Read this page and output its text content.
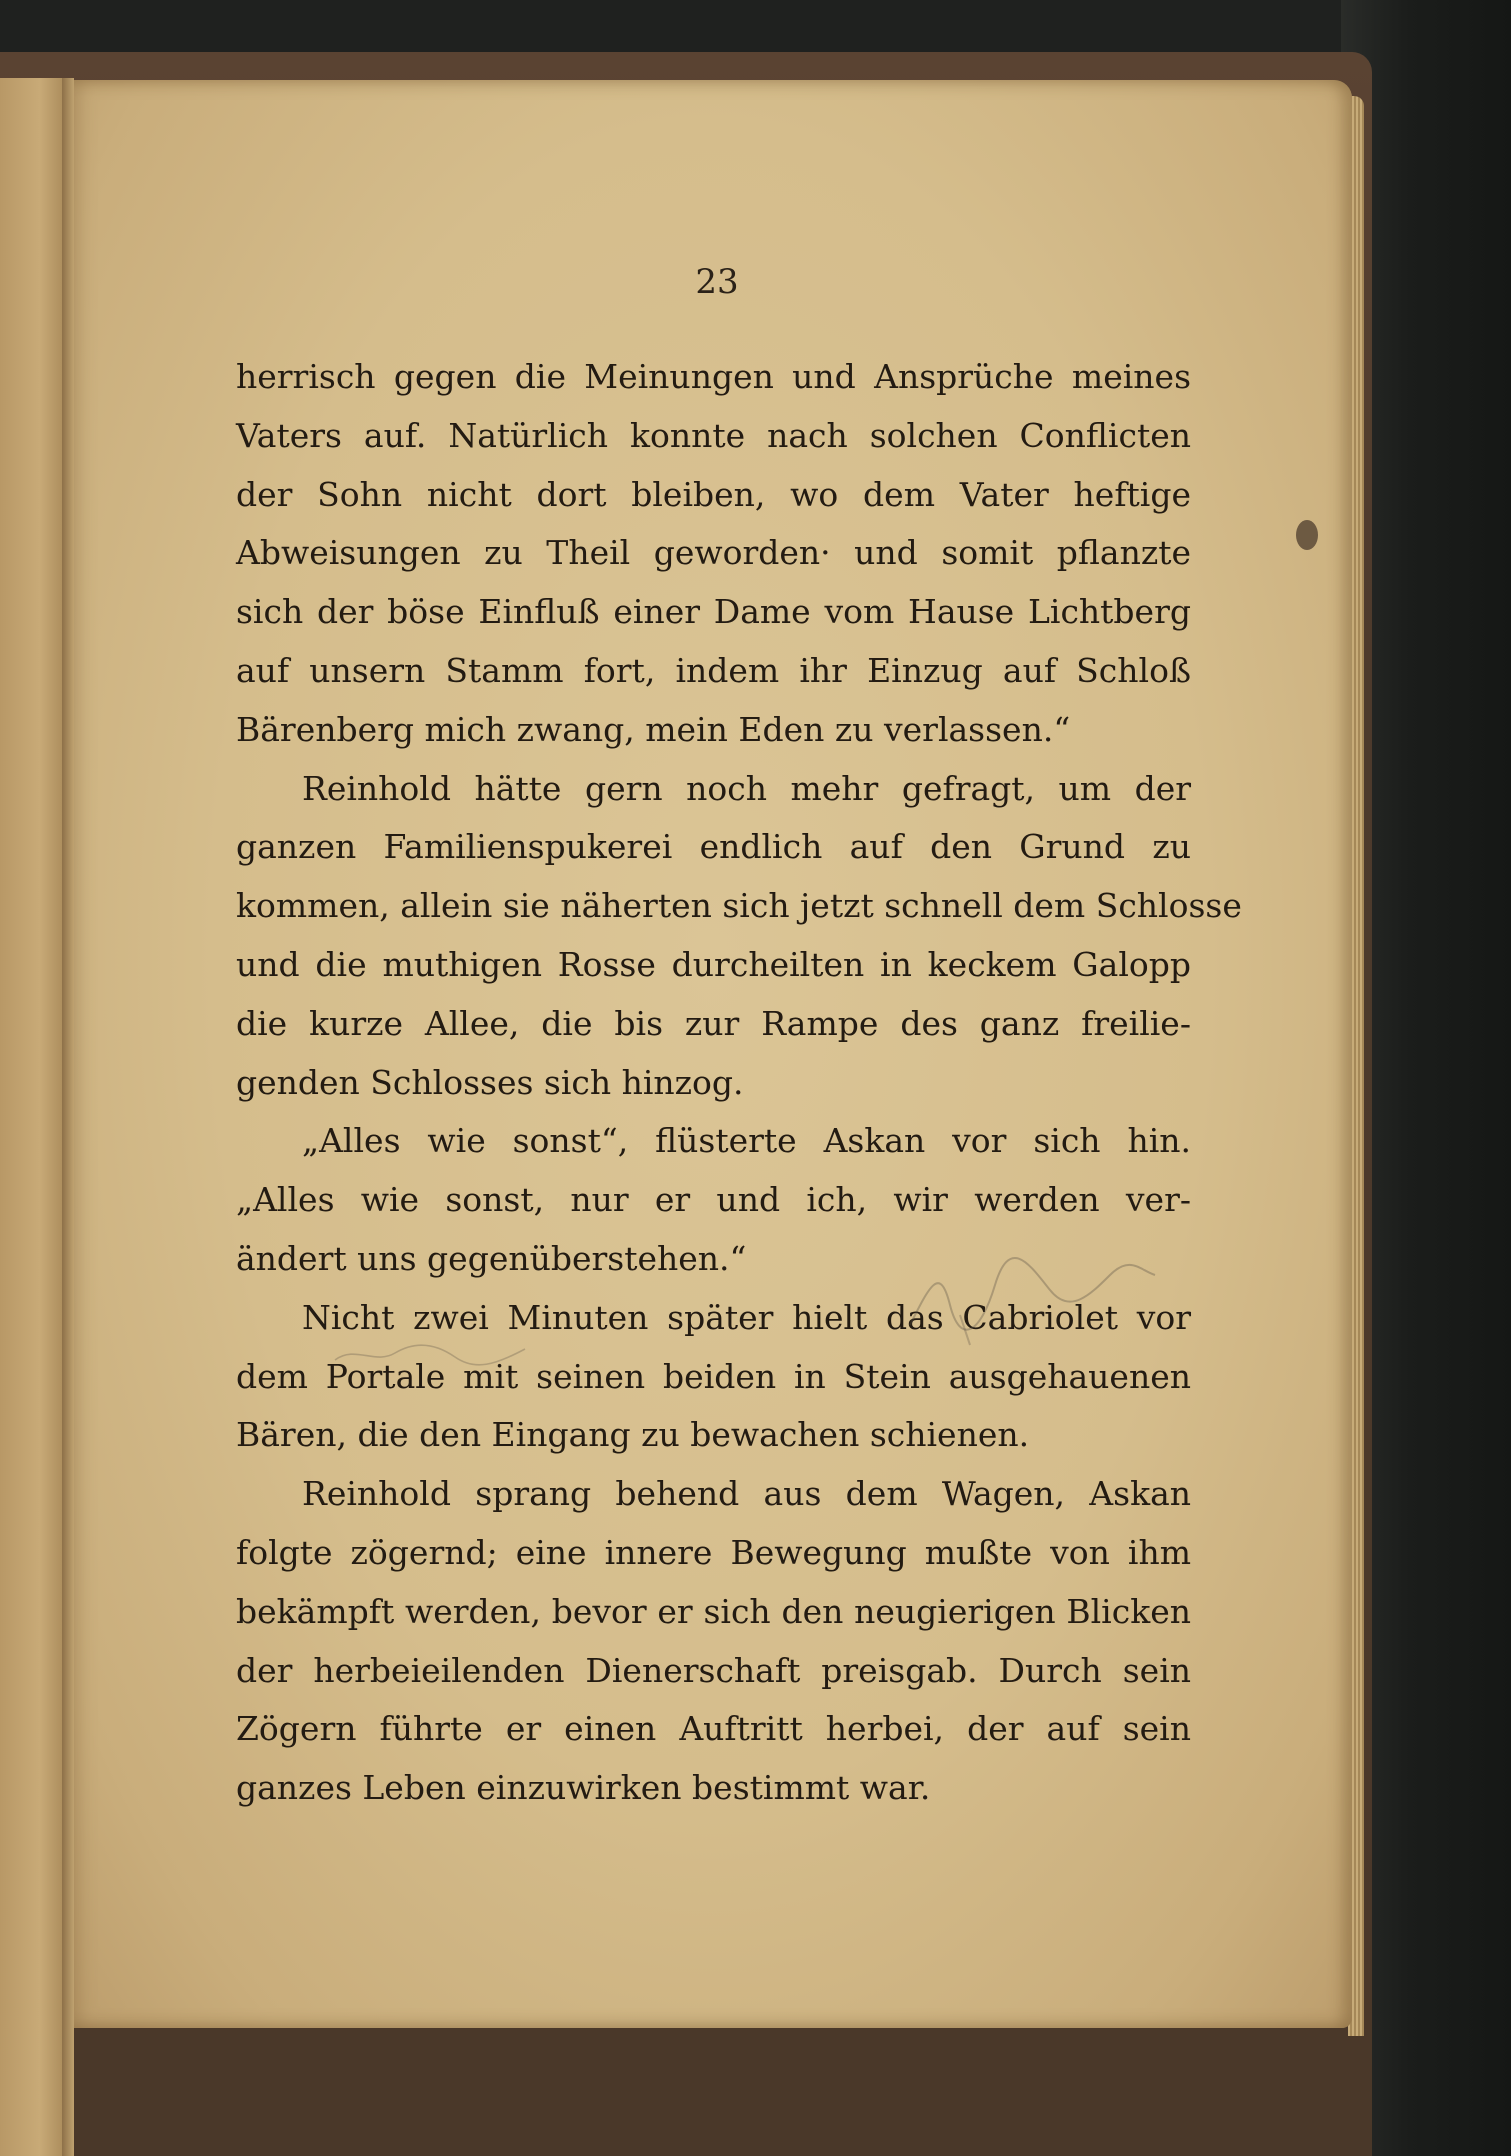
23
herrisch gegen die Meinungen und Ansprüche meines
Vaters auf. Natürlich konnte nach solchen Conflicten
der Sohn nicht dort bleiben, wo dem Vater heftige
Abweisungen zu Theil geworden· und somit pflanzte
sich der böse Einfluß einer Dame vom Hause Lichtberg
auf unsern Stamm fort, indem ihr Einzug auf Schloß
Bärenberg mich zwang, mein Eden zu verlassen.“
Reinhold hätte gern noch mehr gefragt, um der
ganzen Familienspukerei endlich auf den Grund zu
kommen, allein sie näherten sich jetzt schnell dem Schlosse
und die muthigen Rosse durcheilten in keckem Galopp
die kurze Allee, die bis zur Rampe des ganz freilie-
genden Schlosses sich hinzog.
„Alles wie sonst“, flüsterte Askan vor sich hin.
„Alles wie sonst, nur er und ich, wir werden ver-
ändert uns gegenüberstehen.“
Nicht zwei Minuten später hielt das Cabriolet vor
dem Portale mit seinen beiden in Stein ausgehauenen
Bären, die den Eingang zu bewachen schienen.
Reinhold sprang behend aus dem Wagen, Askan
folgte zögernd; eine innere Bewegung mußte von ihm
bekämpft werden, bevor er sich den neugierigen Blicken
der herbeieilenden Dienerschaft preisgab. Durch sein
Zögern führte er einen Auftritt herbei, der auf sein
ganzes Leben einzuwirken bestimmt war.
